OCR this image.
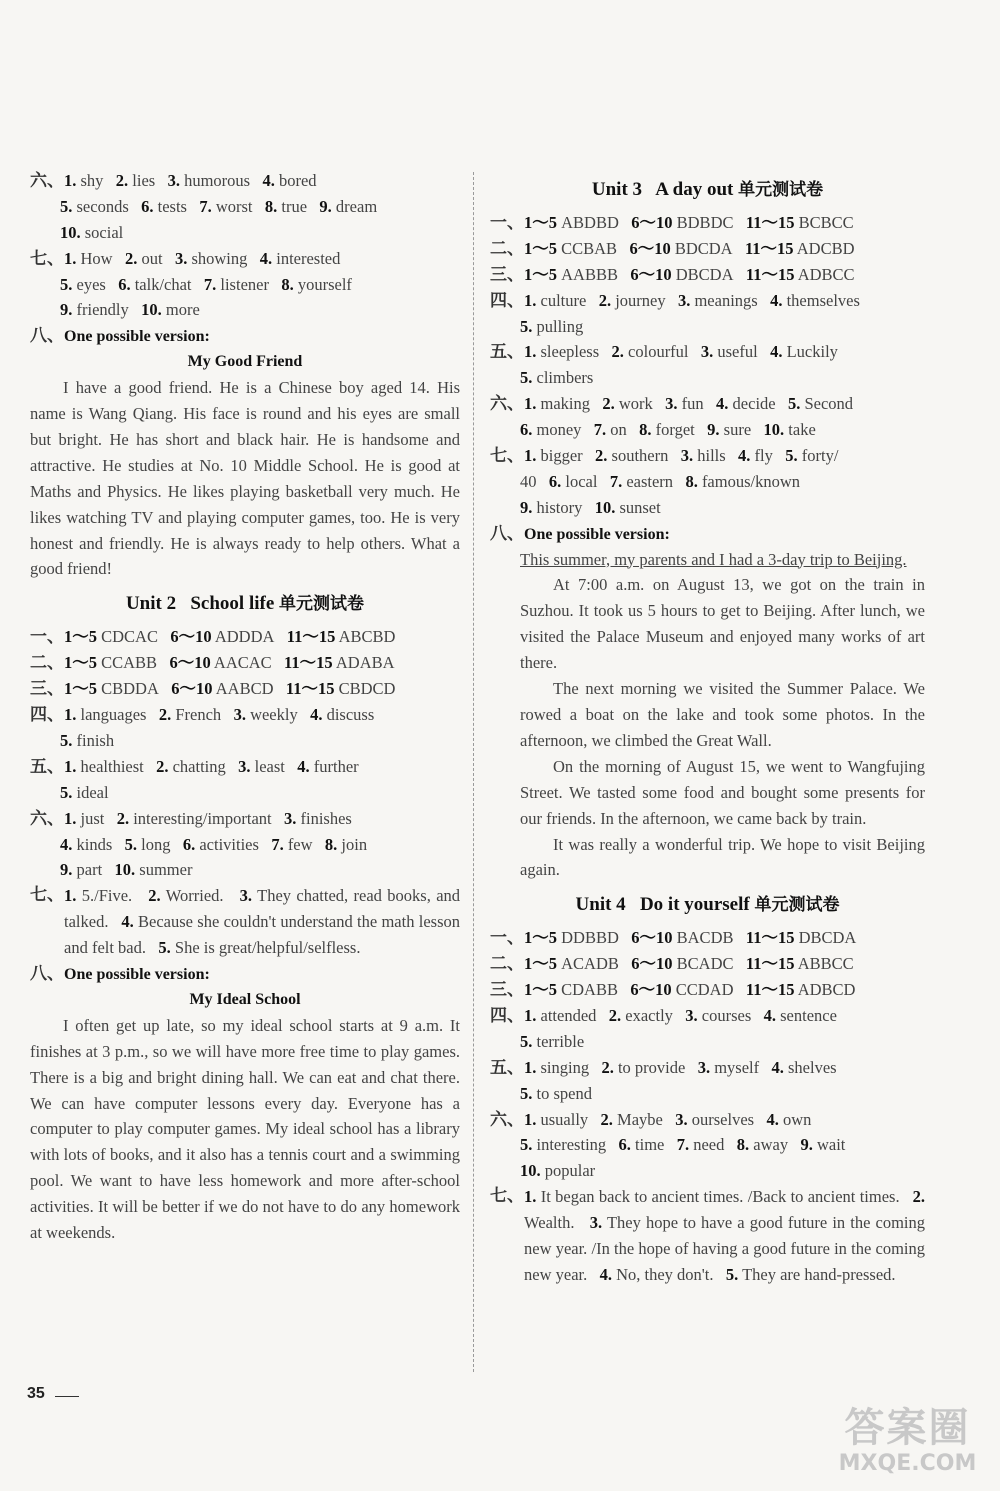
六、1. shy 2. lies 3. humorous 4. bored
5. seconds 6. tests 7. worst 8. true 9. dream
10. social
七、1. How 2. out 3. showing 4. interested
5. eyes 6. talk/chat 7. listener 8. yourself
9. friendly 10. more
八、One possible version:
My Good Friend
I have a good friend. He is a Chinese boy aged 14. His name is Wang Qiang. His face is round and his eyes are small but bright. He has short and black hair. He is handsome and attractive. He studies at No. 10 Middle School. He is good at Maths and Physics. He likes playing basketball very much. He likes watching TV and playing computer games, too. He is very honest and friendly. He is always ready to help others. What a good friend!
Unit 2 School life 单元测试卷
一、1～5 CDCAC 6～10 ADDDA 11～15 ABCBD
二、1～5 CCABB 6～10 AACAC 11～15 ADABA
三、1～5 CBDDA 6～10 AABCD 11～15 CBDCD
四、1. languages 2. French 3. weekly 4. discuss
5. finish
五、1. healthiest 2. chatting 3. least 4. further
5. ideal
六、1. just 2. interesting/important 3. finishes
4. kinds 5. long 6. activities 7. few 8. join
9. part 10. summer
七、 1. 5./Five. 2. Worried. 3. They chatted, read books, and talked. 4. Because she couldn't understand the math lesson and felt bad. 5. She is great/helpful/selfless.
八、One possible version:
My Ideal School
I often get up late, so my ideal school starts at 9 a.m. It finishes at 3 p.m., so we will have more free time to play games. There is a big and bright dining hall. We can eat and chat there. We can have computer lessons every day. Everyone has a computer to play computer games. My ideal school has a library with lots of books, and it also has a tennis court and a swimming pool. We want to have less homework and more after-school activities. It will be better if we do not have to do any homework at weekends.
Unit 3 A day out 单元测试卷
一、1～5 ABDBD 6～10 BDBDC 11～15 BCBCC
二、1～5 CCBAB 6～10 BDCDA 11～15 ADCBD
三、1～5 AABBB 6～10 DBCDA 11～15 ADBCC
四、1. culture 2. journey 3. meanings 4. themselves
5. pulling
五、1. sleepless 2. colourful 3. useful 4. Luckily
5. climbers
六、1. making 2. work 3. fun 4. decide 5. Second
6. money 7. on 8. forget 9. sure 10. take
七、1. bigger 2. southern 3. hills 4. fly 5. forty/
40 6. local 7. eastern 8. famous/known
9. history 10. sunset
八、One possible version:
This summer, my parents and I had a 3-day trip to Beijing.
At 7:00 a.m. on August 13, we got on the train in Suzhou. It took us 5 hours to get to Beijing. After lunch, we visited the Palace Museum and enjoyed many works of art there.
The next morning we visited the Summer Palace. We rowed a boat on the lake and took some photos. In the afternoon, we climbed the Great Wall.
On the morning of August 15, we went to Wangfujing Street. We tasted some food and bought some presents for our friends. In the afternoon, we came back by train.
It was really a wonderful trip. We hope to visit Beijing again.
Unit 4 Do it yourself 单元测试卷
一、1～5 DDBBD 6～10 BACDB 11～15 DBCDA
二、1～5 ACADB 6～10 BCADC 11～15 ABBCC
三、1～5 CDABB 6～10 CCDAD 11～15 ADBCD
四、1. attended 2. exactly 3. courses 4. sentence
5. terrible
五、1. singing 2. to provide 3. myself 4. shelves
5. to spend
六、1. usually 2. Maybe 3. ourselves 4. own
5. interesting 6. time 7. need 8. away 9. wait
10. popular
七、 1. It began back to ancient times. /Back to ancient times. 2. Wealth. 3. They hope to have a good future in the coming new year. /In the hope of having a good future in the coming new year. 4. No, they don't. 5. They are hand-pressed.
35
答案圈
MXQE.COM
